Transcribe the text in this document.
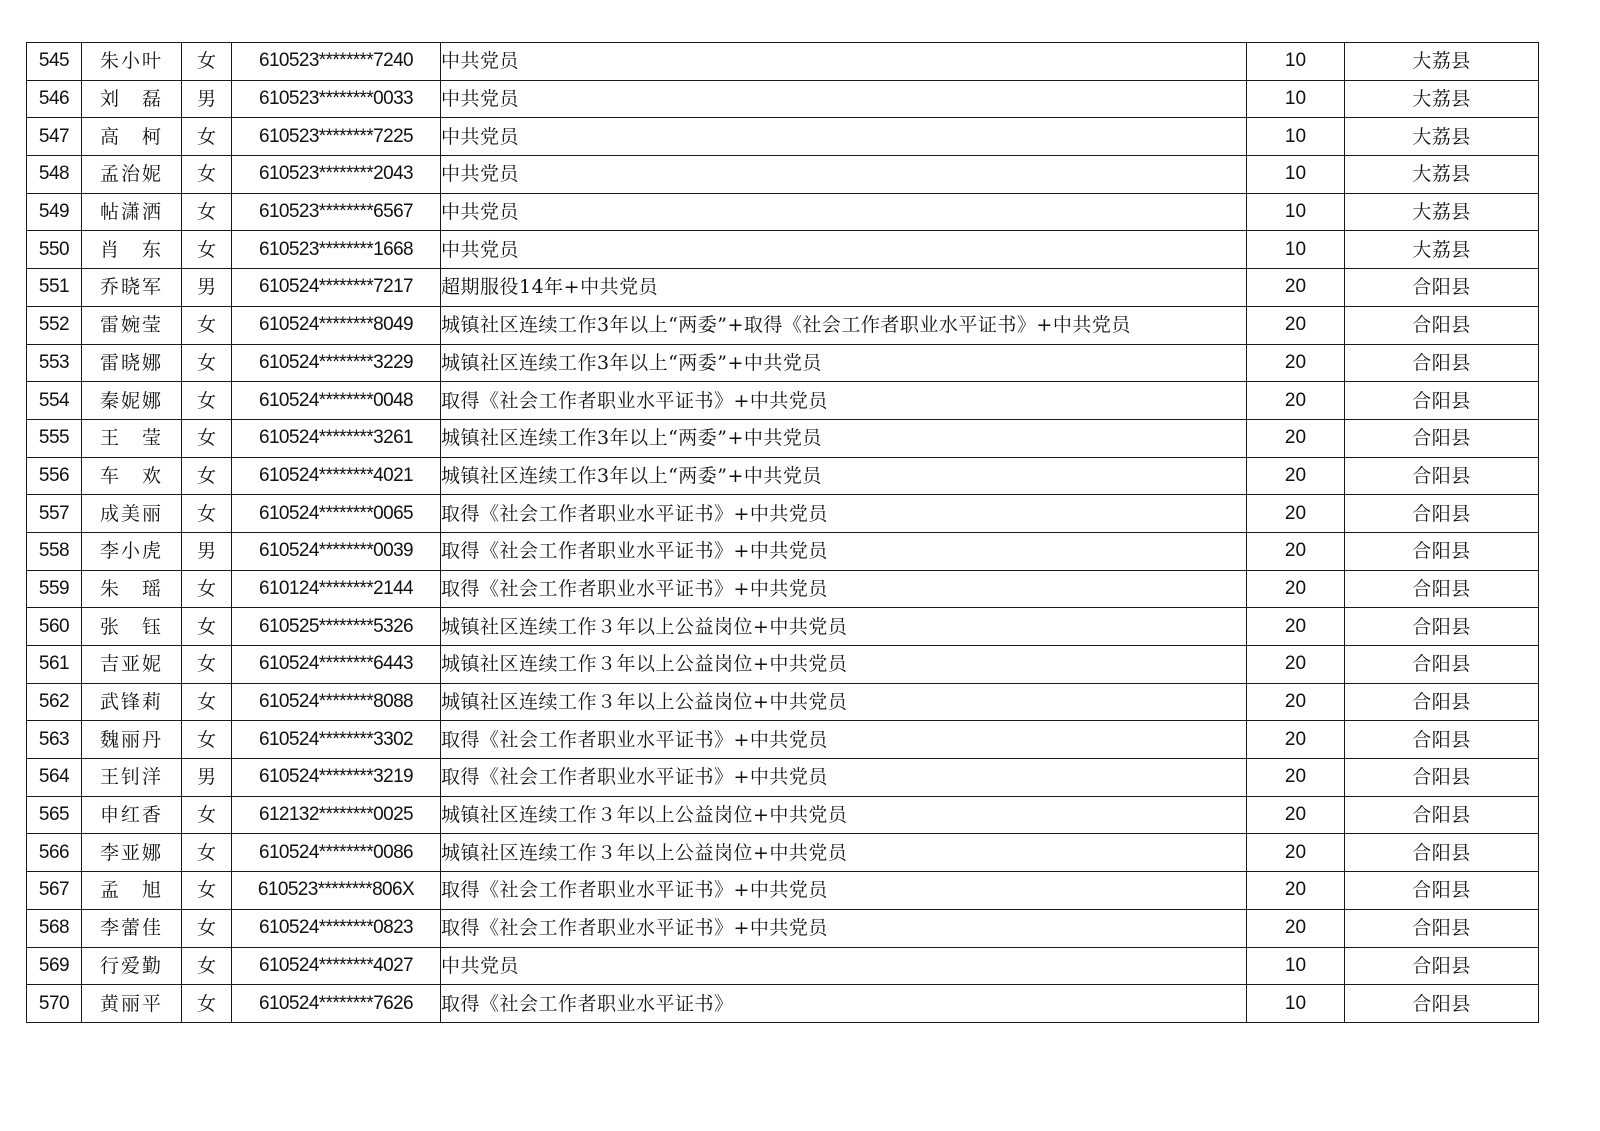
545	朱小叶	女	610523********7240	中共党员	10	大荔县
546	刘　磊	男	610523********0033	中共党员	10	大荔县
547	高　柯	女	610523********7225	中共党员	10	大荔县
548	孟治妮	女	610523********2043	中共党员	10	大荔县
549	帖潇洒	女	610523********6567	中共党员	10	大荔县
550	肖　东	女	610523********1668	中共党员	10	大荔县
551	乔晓军	男	610524********7217	超期服役14年+中共党员	20	合阳县
552	雷婉莹	女	610524********8049	城镇社区连续工作3年以上“两委”+取得《社会工作者职业水平证书》+中共党员	20	合阳县
553	雷晓娜	女	610524********3229	城镇社区连续工作3年以上“两委”+中共党员	20	合阳县
554	秦妮娜	女	610524********0048	取得《社会工作者职业水平证书》+中共党员	20	合阳县
555	王　莹	女	610524********3261	城镇社区连续工作3年以上“两委”+中共党员	20	合阳县
556	车　欢	女	610524********4021	城镇社区连续工作3年以上“两委”+中共党员	20	合阳县
557	成美丽	女	610524********0065	取得《社会工作者职业水平证书》+中共党员	20	合阳县
558	李小虎	男	610524********0039	取得《社会工作者职业水平证书》+中共党员	20	合阳县
559	朱　瑶	女	610124********2144	取得《社会工作者职业水平证书》+中共党员	20	合阳县
560	张　钰	女	610525********5326	城镇社区连续工作３年以上公益岗位+中共党员	20	合阳县
561	吉亚妮	女	610524********6443	城镇社区连续工作３年以上公益岗位+中共党员	20	合阳县
562	武锋莉	女	610524********8088	城镇社区连续工作３年以上公益岗位+中共党员	20	合阳县
563	魏丽丹	女	610524********3302	取得《社会工作者职业水平证书》+中共党员	20	合阳县
564	王钊洋	男	610524********3219	取得《社会工作者职业水平证书》+中共党员	20	合阳县
565	申红香	女	612132********0025	城镇社区连续工作３年以上公益岗位+中共党员	20	合阳县
566	李亚娜	女	610524********0086	城镇社区连续工作３年以上公益岗位+中共党员	20	合阳县
567	孟　旭	女	610523********806X	取得《社会工作者职业水平证书》+中共党员	20	合阳县
568	李蕾佳	女	610524********0823	取得《社会工作者职业水平证书》+中共党员	20	合阳县
569	行爱勤	女	610524********4027	中共党员	10	合阳县
570	黄丽平	女	610524********7626	取得《社会工作者职业水平证书》	10	合阳县
